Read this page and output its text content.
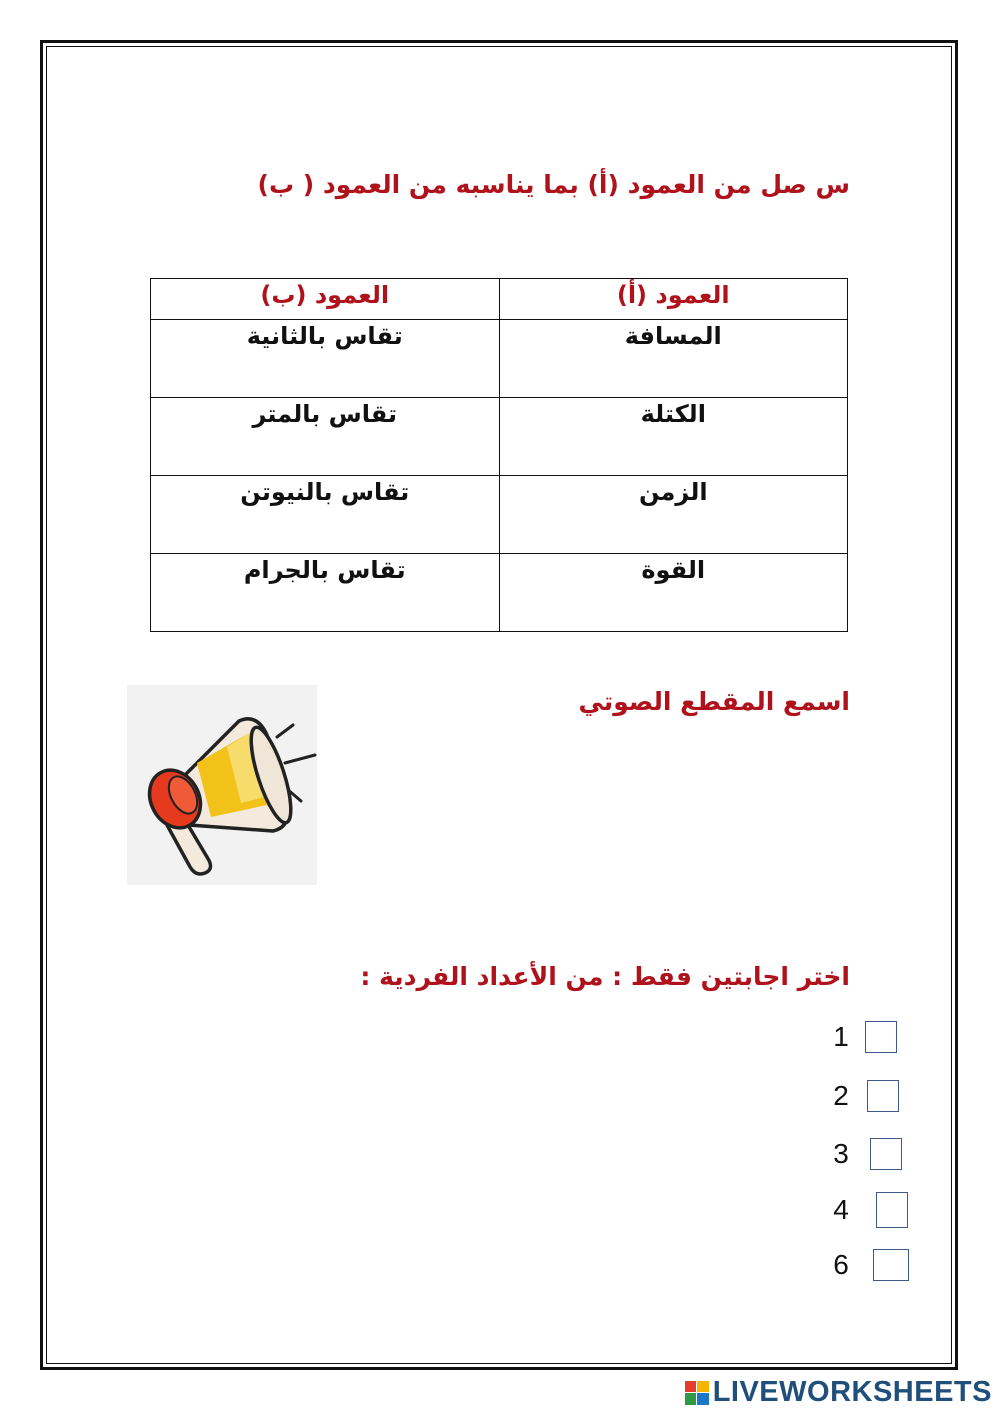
س صل من العمود (أ) بما يناسبه من العمود ( ب)
العمود (أ)	العمود (ب)
المسافة	تقاس بالثانية
الكتلة	تقاس بالمتر
الزمن	تقاس بالنيوتن
القوة	تقاس بالجرام
اسمع المقطع الصوتي
اختر اجابتين فقط : من الأعداد الفردية :
1
2
3
4
6
LIVEWORKSHEETS
